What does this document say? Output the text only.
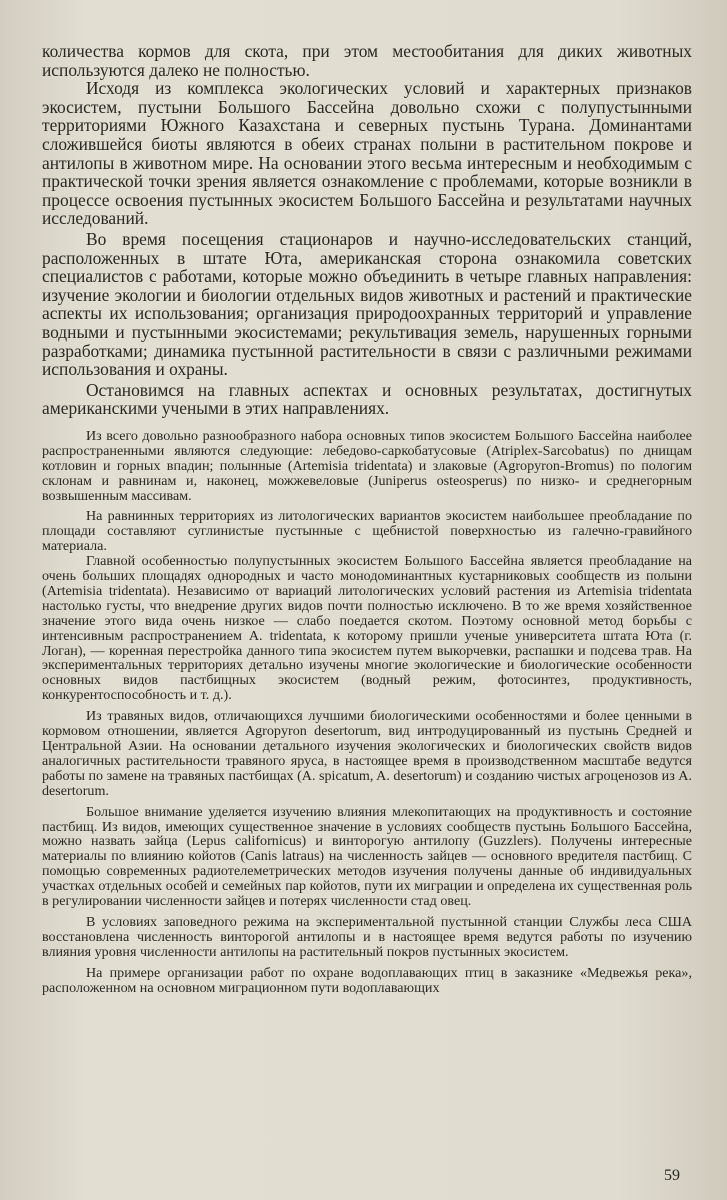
количества кормов для скота, при этом местообитания для диких животных используются далеко не полностью.

Исходя из комплекса экологических условий и характерных признаков экосистем, пустыни Большого Бассейна довольно схожи с полупустынными территориями Южного Казахстана и северных пустынь Турана. Доминантами сложившейся биоты являются в обеих странах полыни в растительном покрове и антилопы в животном мире. На основании этого весьма интересным и необходимым с практической точки зрения является ознакомление с проблемами, которые возникли в процессе освоения пустынных экосистем Большого Бассейна и результатами научных исследований.

Во время посещения стационаров и научно-исследовательских станций, расположенных в штате Юта, американская сторона ознакомила советских специалистов с работами, которые можно объединить в четыре главных направления: изучение экологии и биологии отдельных видов животных и растений и практические аспекты их использования; организация природоохранных территорий и управление водными и пустынными экосистемами; рекультивация земель, нарушенных горными разработками; динамика пустынной растительности в связи с различными режимами использования и охраны.

Остановимся на главных аспектах и основных результатах, достигнутых американскими учеными в этих направлениях.

Из всего довольно разнообразного набора основных типов экосистем Большого Бассейна наиболее распространенными являются следующие: лебедово-саркобатусовые (Atriplex-Sarcobatus) по днищам котловин и горных впадин; полынные (Artemisia tridentata) и злаковые (Agropyron-Bromus) по пологим склонам и равнинам и, наконец, можжевеловые (Juniperus osteosperus) по низко- и среднегорным возвышенным массивам.

На равнинных территориях из литологических вариантов экосистем наибольшее преобладание по площади составляют суглинистые пустынные с щебнистой поверхностью из галечно-гравийного материала.

Главной особенностью полупустынных экосистем Большого Бассейна является преобладание на очень больших площадях однородных и часто монодоминантных кустарниковых сообществ из полыни (Artemisia tridentata). Независимо от вариаций литологических условий растения из Artemisia tridentata настолько густы, что внедрение других видов почти полностью исключено. В то же время хозяйственное значение этого вида очень низкое — слабо поедается скотом. Поэтому основной метод борьбы с интенсивным распространением A. tridentata, к которому пришли ученые университета штата Юта (г. Логан), — коренная перестройка данного типа экосистем путем выкорчевки, распашки и подсева трав. На экспериментальных территориях детально изучены многие экологические и биологические особенности основных видов пастбищных экосистем (водный режим, фотосинтез, продуктивность, конкурентоспособность и т. д.).

Из травяных видов, отличающихся лучшими биологическими особенностями и более ценными в кормовом отношении, является Agropyron desertorum, вид интродуцированный из пустынь Средней и Центральной Азии. На основании детального изучения экологических и биологических свойств видов аналогичных растительности травяного яруса, в настоящее время в производственном масштабе ведутся работы по замене на травяных пастбищах (A. spicatum, A. desertorum) и созданию чистых агроценозов из A. desertorum.

Большое внимание уделяется изучению влияния млекопитающих на продуктивность и состояние пастбищ. Из видов, имеющих существенное значение в условиях сообществ пустынь Большого Бассейна, можно назвать зайца (Lepus californicus) и винторогую антилопу (Guzzlers). Получены интересные материалы по влиянию койотов (Canis latraus) на численность зайцев — основного вредителя пастбищ. С помощью современных радиотелеметрических методов изучения получены данные об индивидуальных участках отдельных особей и семейных пар койотов, пути их миграции и определена их существенная роль в регулировании численности зайцев и потерях численности стад овец.

В условиях заповедного режима на экспериментальной пустынной станции Службы леса США восстановлена численность винторогой антилопы и в настоящее время ведутся работы по изучению влияния уровня численности антилопы на растительный покров пустынных экосистем.

На примере организации работ по охране водоплавающих птиц в заказнике «Медвежья река», расположенном на основном миграционном пути водоплавающих

59
